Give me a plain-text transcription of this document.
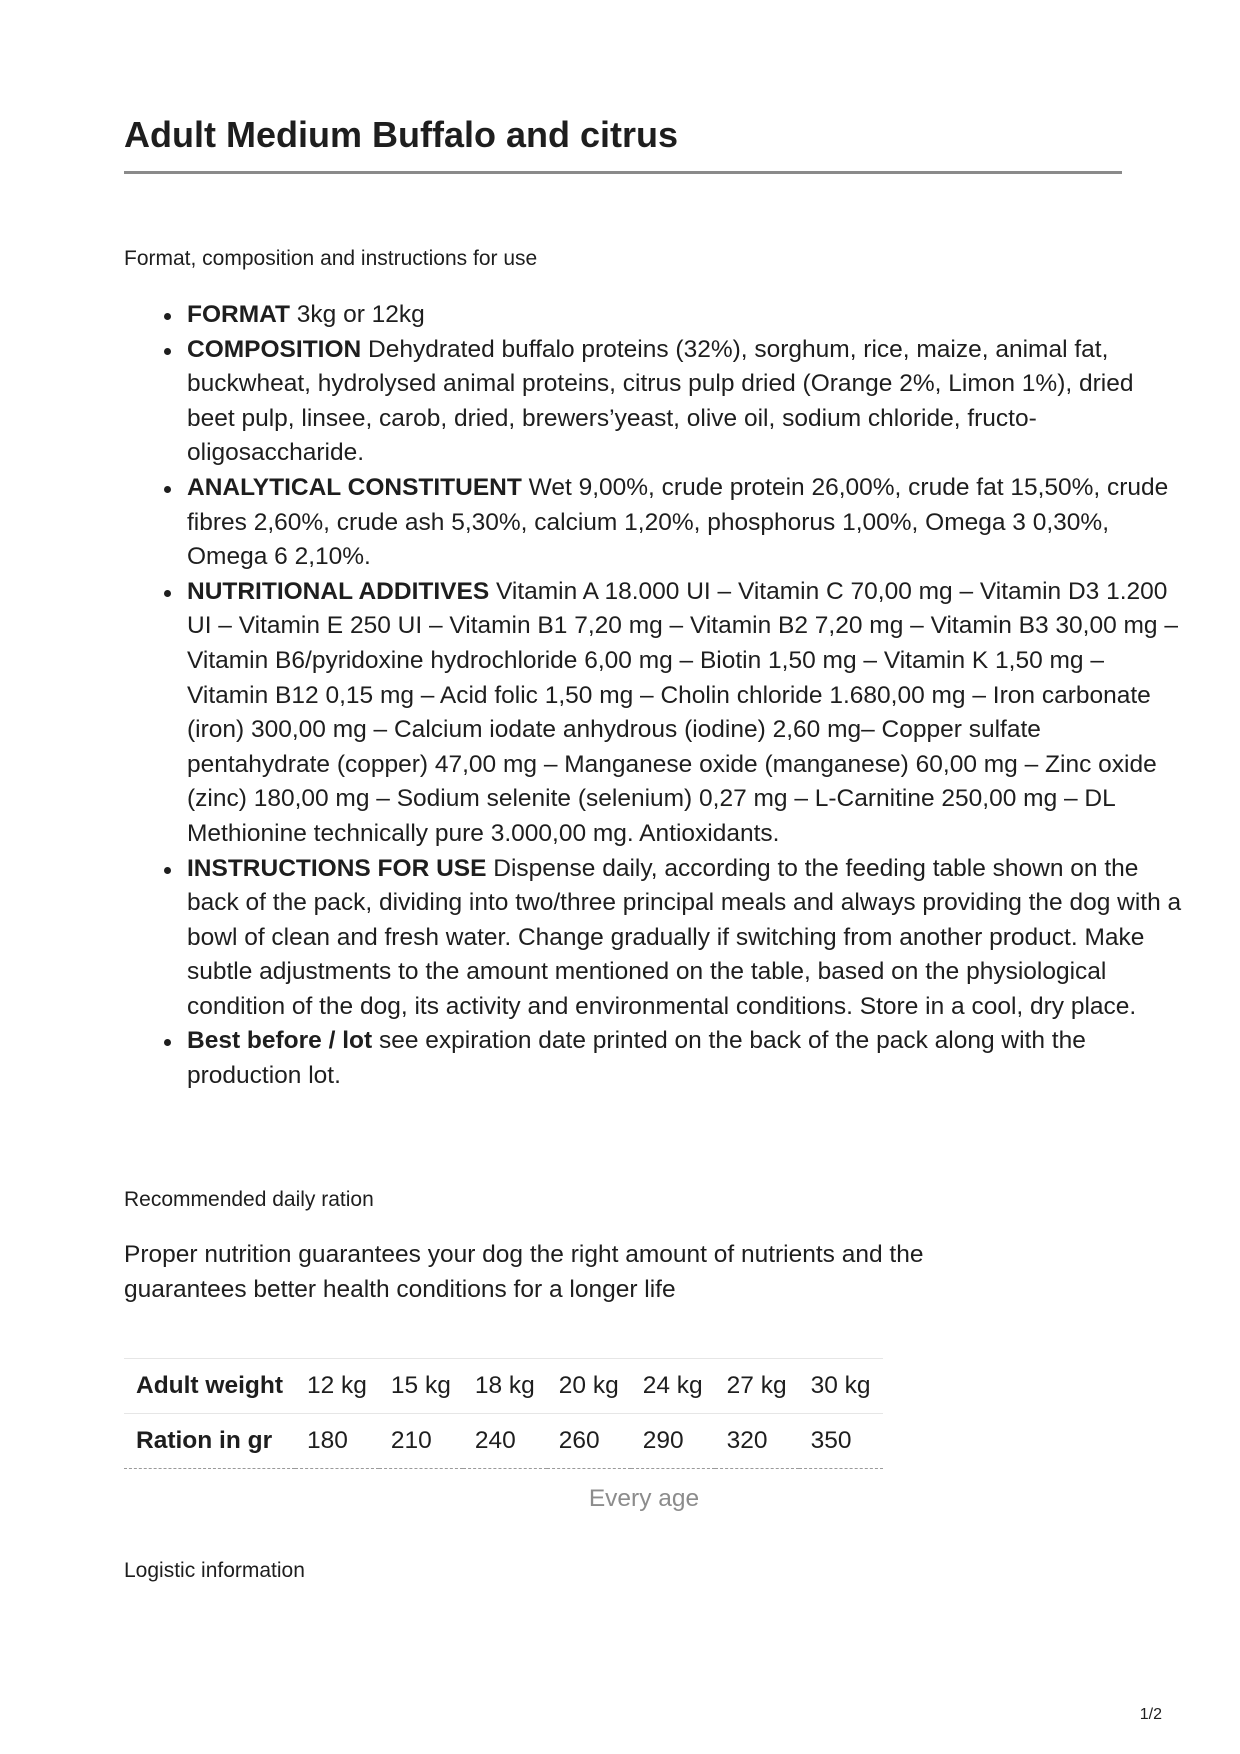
Adult Medium Buffalo and citrus

Format, composition and instructions for use

FORMAT 3kg or 12kg
COMPOSITION Dehydrated buffalo proteins (32%), sorghum, rice, maize, animal fat, buckwheat, hydrolysed animal proteins, citrus pulp dried (Orange 2%, Limon 1%), dried beet pulp, linsee, carob, dried, brewers’yeast, olive oil, sodium chloride, fructo-oligosaccharide.
ANALYTICAL CONSTITUENT Wet 9,00%, crude protein 26,00%, crude fat 15,50%, crude fibres 2,60%, crude ash 5,30%, calcium 1,20%, phosphorus 1,00%, Omega 3 0,30%, Omega 6 2,10%.
NUTRITIONAL ADDITIVES Vitamin A 18.000 UI – Vitamin C 70,00 mg – Vitamin D3 1.200 UI – Vitamin E 250 UI – Vitamin B1 7,20 mg – Vitamin B2 7,20 mg – Vitamin B3 30,00 mg – Vitamin B6/pyridoxine hydrochloride 6,00 mg – Biotin 1,50 mg – Vitamin K 1,50 mg – Vitamin B12 0,15 mg – Acid folic 1,50 mg – Cholin chloride 1.680,00 mg – Iron carbonate (iron) 300,00 mg – Calcium iodate anhydrous (iodine) 2,60 mg– Copper sulfate pentahydrate (copper) 47,00 mg – Manganese oxide (manganese) 60,00 mg – Zinc oxide (zinc) 180,00 mg – Sodium selenite (selenium) 0,27 mg – L-Carnitine 250,00 mg – DL Methionine technically pure 3.000,00 mg. Antioxidants.
INSTRUCTIONS FOR USE Dispense daily, according to the feeding table shown on the back of the pack, dividing into two/three principal meals and always providing the dog with a bowl of clean and fresh water. Change gradually if switching from another product. Make subtle adjustments to the amount mentioned on the table, based on the physiological condition of the dog, its activity and environmental conditions. Store in a cool, dry place.
Best before / lot see expiration date printed on the back of the pack along with the production lot.

Recommended daily ration

Proper nutrition guarantees your dog the right amount of nutrients and the guarantees better health conditions for a longer life

Adult weight	12 kg	15 kg	18 kg	20 kg	24 kg	27 kg	30 kg
Ration in gr	180	210	240	260	290	320	350
Every age

Logistic information

1/2
